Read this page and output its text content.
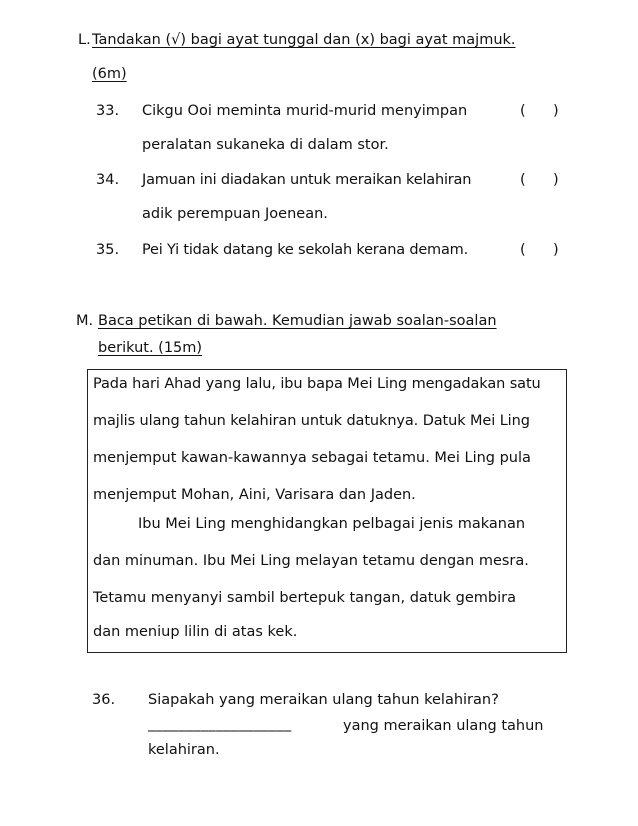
L. Tandakan (√) bagi ayat tunggal dan (x) bagi ayat majmuk.
(6m)
33. Cikgu Ooi meminta murid-murid menyimpan
peralatan sukaneka di dalam stor.
( )
34. Jamuan ini diadakan untuk meraikan kelahiran
adik perempuan Joenean.
( )
35. Pei Yi tidak datang ke sekolah kerana demam.	( )
M. Baca petikan di bawah. Kemudian jawab soalan-soalan
berikut. (15m)
Pada hari Ahad yang lalu, ibu bapa Mei Ling mengadakan satu
majlis ulang tahun kelahiran untuk datuknya. Datuk Mei Ling
menjemput kawan-kawannya sebagai tetamu. Mei Ling pula
menjemput Mohan, Aini, Varisara dan Jaden.
Ibu Mei Ling menghidangkan pelbagai jenis makanan
dan minuman. Ibu Mei Ling melayan tetamu dengan mesra.
Tetamu menyanyi sambil bertepuk tangan, datuk gembira
dan meniup lilin di atas kek.
36. Siapakah yang meraikan ulang tahun kelahiran?
___________________	yang meraikan ulang tahun
kelahiran.
